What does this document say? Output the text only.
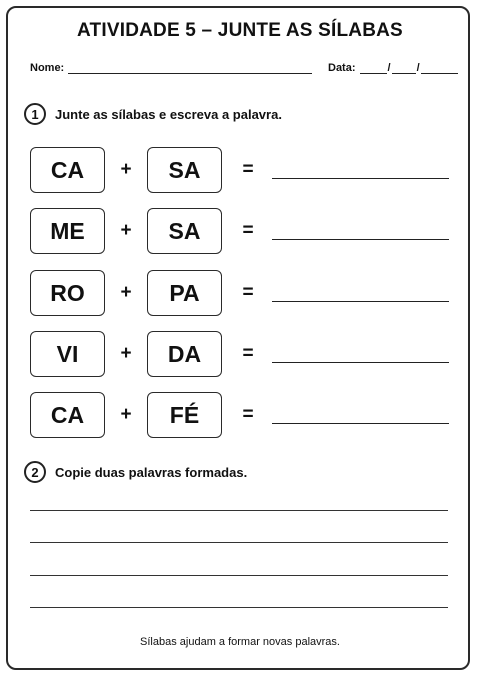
ATIVIDADE 5 – JUNTE AS SÍLABAS
Nome:	Data:	/ /
1	Junte as sílabas e escreva a palavra.
CA	+	SA	=
ME	+	SA	=
RO	+	PA	=
VI	+	DA	=
CA	+	FÉ	=
2	Copie duas palavras formadas.
Sílabas ajudam a formar novas palavras.
